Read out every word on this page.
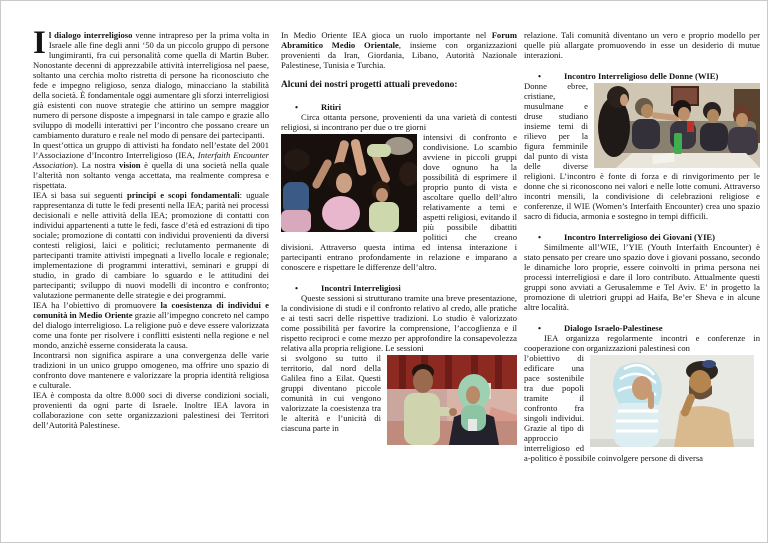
Il dialogo interreligioso venne intrapreso per la prima volta in Israele alle fine degli anni ‘50 da un piccolo gruppo di persone lungimiranti, fra cui personalità come quella di Martin Buber. Nonostante decenni di apprezzabile attività interreligiosa nel paese, soltanto una cerchia molto ristretta di persone ha riconosciuto che fede e impegno religioso, senza dialogo, minacciano la stabilità della società. È fondamentale oggi aumentare gli sforzi interreligiosi già esistenti con nuove strategie che attirino un sempre maggior numero di persone disposte a impegnarsi in tale campo e grazie allo sviluppo di modelli interattivi per l’incontro che possano creare un cambiamento duraturo e reale nel modo di pensare dei partecipanti.

In quest’ottica un gruppo di attivisti ha fondato nell’estate del 2001 l’Associazione d’Incontro Interreligioso (IEA, Interfaith Encounter Association). La nostra vision è quella di una società nella quale l’alterità non soltanto venga accettata, ma realmente compresa e rispettata.

IEA si basa sui seguenti principi e scopi fondamentali: uguale rappresentanza di tutte le fedi presenti nella IEA; parità nei processi decisionali e nelle attività della IEA; promozione di contatti con individui appartenenti a tutte le fedi, fasce d’età ed estrazioni di tipo sociale; promozione di contatti con individui provenienti da diversi contesti religiosi, laici e politici; reclutamento permanente di partecipanti tramite attivisti impegnati a livello locale e regionale; implementazione di programmi interattivi, seminari e gruppi di studio, in grado di cambiare lo sguardo e le attitudini dei partecipanti; sviluppo di nuovi modelli di incontro e confronto; valutazione permanente delle strategie e dei programmi.

IEA ha l’obiettivo di promuovere la coesistenza di individui e comunità in Medio Oriente grazie all’impegno concreto nel campo del dialogo interreligioso. La religione può e deve essere valorizzata come una fonte per risolvere i conflitti esistenti nella regione e nel mondo, anzichè esserne considerata la causa.

Incontrarsi non significa aspirare a una convergenza delle varie tradizioni in un unico gruppo omogeneo, ma offrire uno spazio di confronto dove mantenere e valorizzare la propria identità religiosa e culturale.

IEA è composta da oltre 8.000 soci di diverse condizioni sociali, provenienti da ogni parte di Israele. Inoltre IEA lavora in collaborazione con sette organizzazioni palestinesi dei Territori dell’Autorità Palestinese.

In Medio Oriente IEA gioca un ruolo importante nel Forum Abramitico Medio Orientale, insieme con organizzazioni provenienti da Iran, Giordania, Libano, Autorità Nazionale Palestinese, Tunisia e Turchia.

Alcuni dei nostri progetti attuali prevedono:

•	Ritiri

Circa ottanta persone, provenienti da una varietà di contesti religiosi, si incontrano per due o tre giorni

intensivi di confronto e condivisione. Lo scambio avviene in piccoli gruppi dove ognuno ha la possibilità di esprimere il proprio punto di vista e ascoltare quello dell’altro relativamente a temi e aspetti religiosi, evitando il più possibile dibattiti politici che creano divisioni. Attraverso questa intima ed intensa interazione i partecipanti entrano profondamente in relazione e imparano a conoscere e rispettare le differenze dell’altro.

•	Incontri Interreligiosi

Queste sessioni si strutturano tramite una breve presentazione, la condivisione di studi e il confronto relativo al credo, alle pratiche e ai testi sacri delle rispettive tradizioni. Lo studio è valorizzato come possibilità per favorire la comprensione, l’accoglienza e il rispetto reciproci e come mezzo per approfondire la consapevolezza relativa alla propria religione. Le sessioni

si svolgono su tutto il territorio, dal nord della Galilea fino a Eilat. Questi gruppi diventano piccole comunità in cui vengono valorizzate la coesistenza tra le alterità e l’unicità di ciascuna parte in

relazione. Tali comunità diventano un vero e proprio modello per quelle più allargate promuovendo in esse un desiderio di mutue interazioni.

•	Incontro Interreligioso delle Donne (WIE)

Donne ebree, cristiane, musulmane e druse studiano insieme temi di rilievo per la figura femminile dal punto di vista delle diverse religioni. L’incontro è fonte di forza e di rinvigorimento per le donne che si riconoscono nei valori e nelle lotte comuni. Attraverso incontri mensili, la condivisione di celebrazioni religiose e conferenze, il WIE (Women’s Interfaith Encounter) crea uno spazio sacro di fiducia, armonia e sostegno in tempi difficili.

•	Incontro Interreligioso dei Giovani (YIE)

Similmente all’WIE, l’YIE (Youth Interfaith Encounter) è stato pensato per creare uno spazio dove i giovani possano, secondo le dinamiche loro proprie, essere coinvolti in prima persona nei processi interreligiosi e dare il loro contributo. Attualmente questi gruppi sono avviati a Gerusalemme e Tel Aviv. E’ in progetto la promozione di uletriori gruppi ad Haifa, Be’er Sheva e in alcune altre località.

•	Dialogo Israelo-Palestinese

IEA organizza regolarmente incontri e conferenze in cooperazione con organizzazioni palestinesi con

l’obiettivo di edificare una pace sostenibile tra due popoli tramite il confronto fra singoli individui. Grazie al tipo di approccio interreligioso ed a-politico è possibile coinvolgere persone di diversa
